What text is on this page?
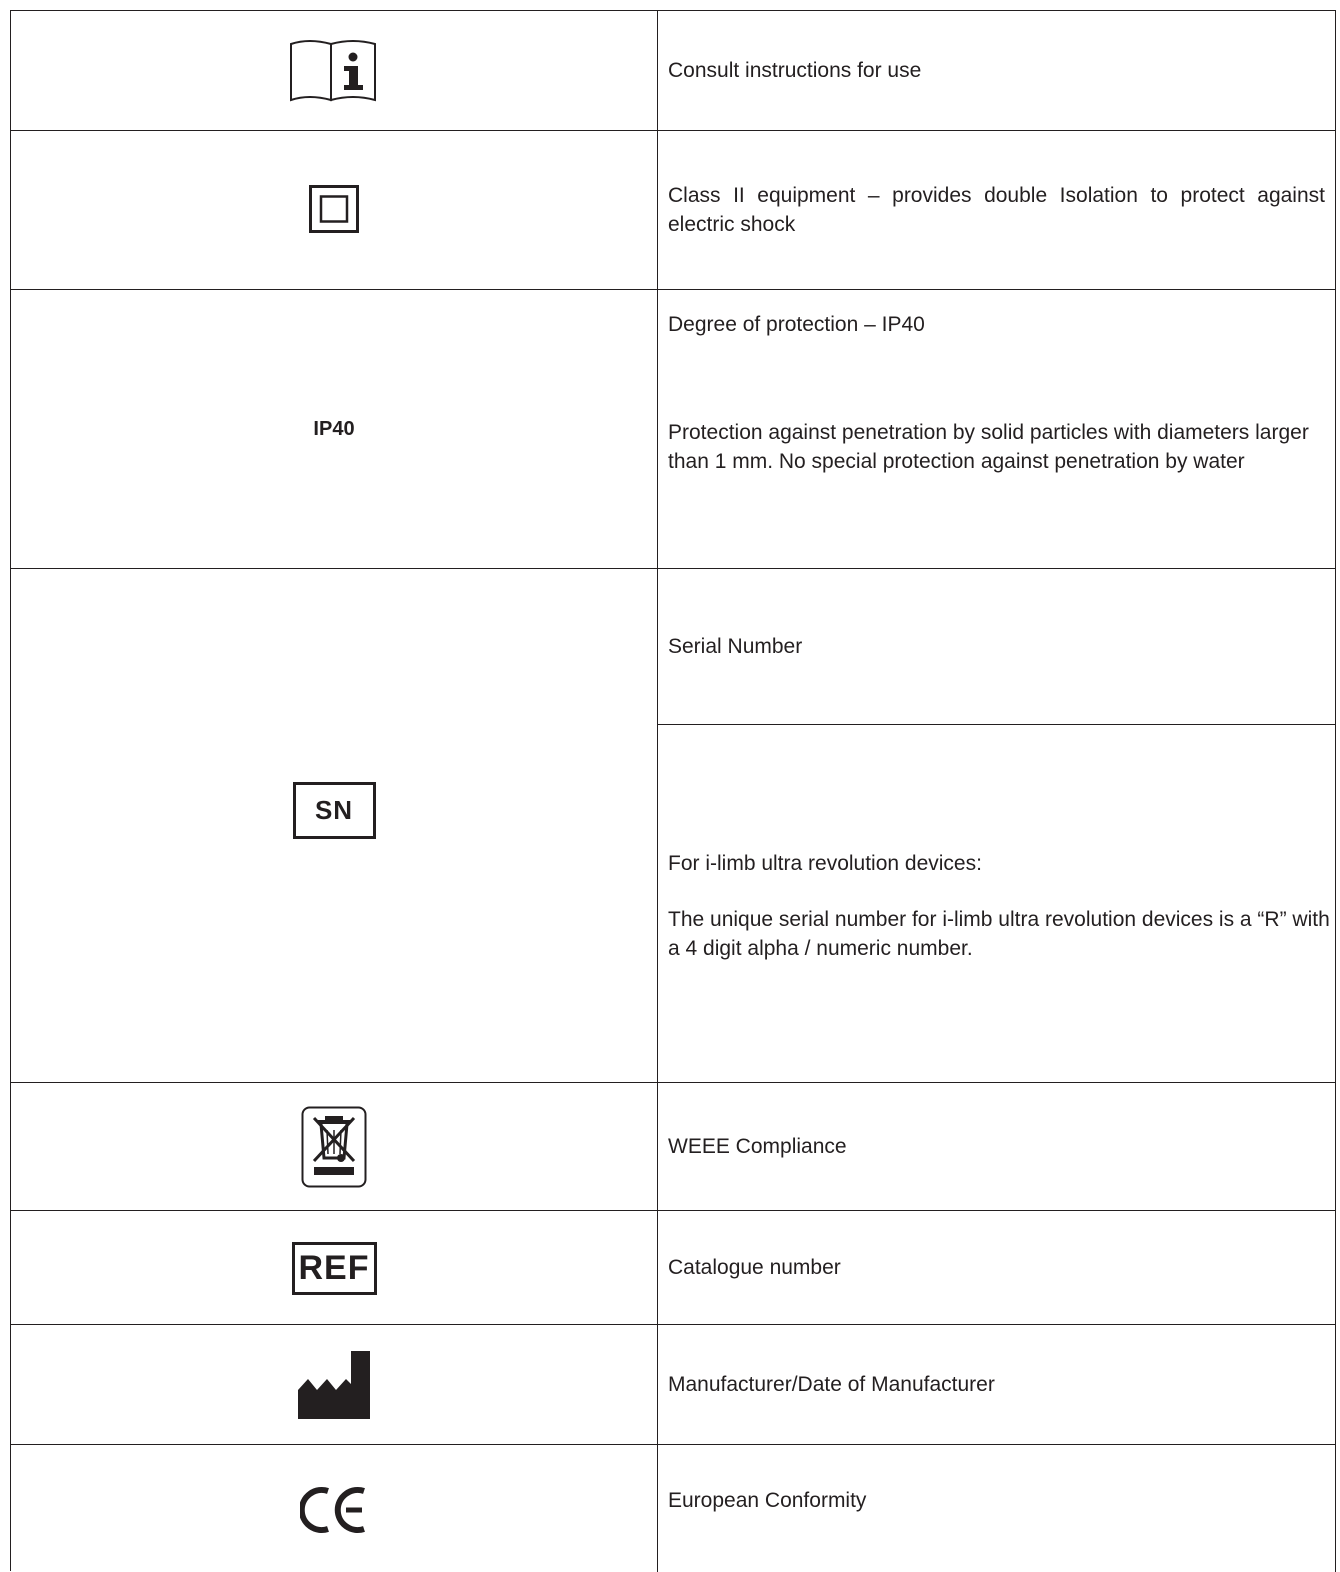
Consult instructions for use
Class II equipment – provides double Isolation to protect against electric shock
IP40
Degree of protection – IP40
Protection against penetration by solid particles with diameters larger than 1 mm. No special protection against penetration by water
SN
Serial Number
For i-limb ultra revolution devices:
The unique serial number for i-limb ultra revolution devices is a “R” with a 4 digit alpha / numeric number.
WEEE Compliance
REF	Catalogue number
Manufacturer/Date of Manufacturer
European Conformity
